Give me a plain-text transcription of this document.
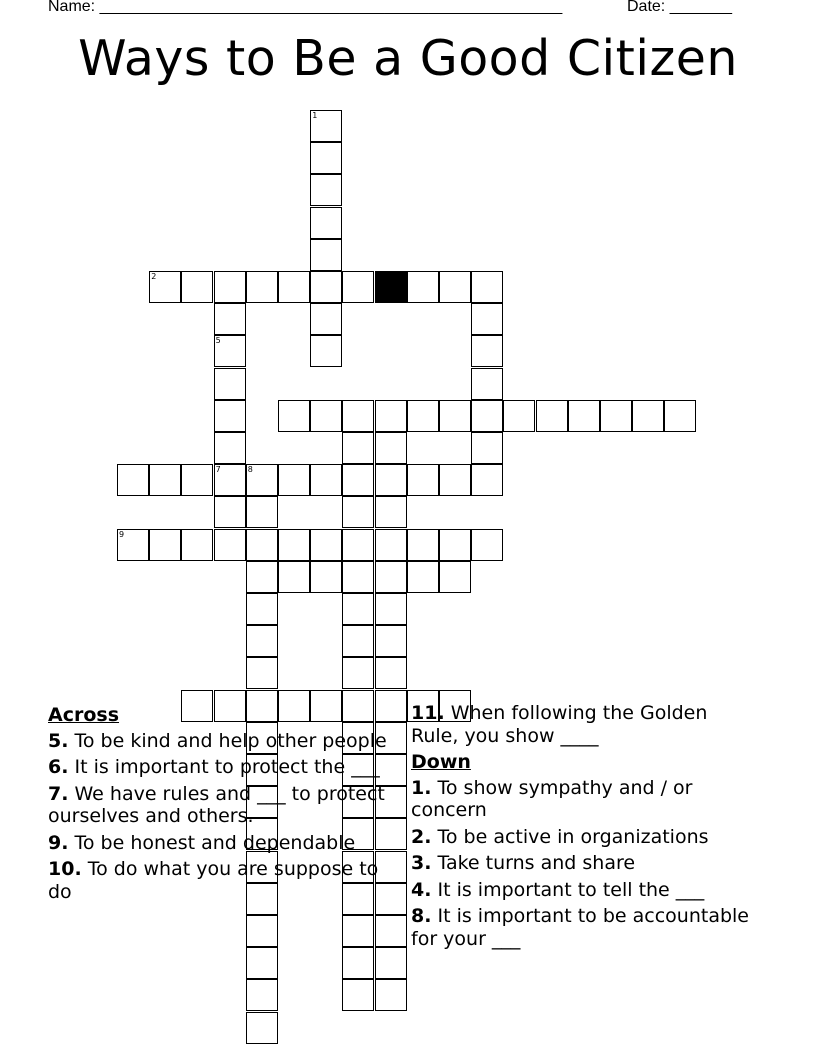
Name: ____________________________________________________	Date: _______
Ways to Be a Good Citizen
1
2
5
7	8
9
Across
5. To be kind and help other people
6. It is important to protect the ___
7. We have rules and ___ to protect ourselves and others.
9. To be honest and dependable
10. To do what you are suppose to do
11. When following the Golden Rule, you show ____
Down
1. To show sympathy and / or concern
2. To be active in organizations
3. Take turns and share
4. It is important to tell the ___
8. It is important to be accountable for your ___
